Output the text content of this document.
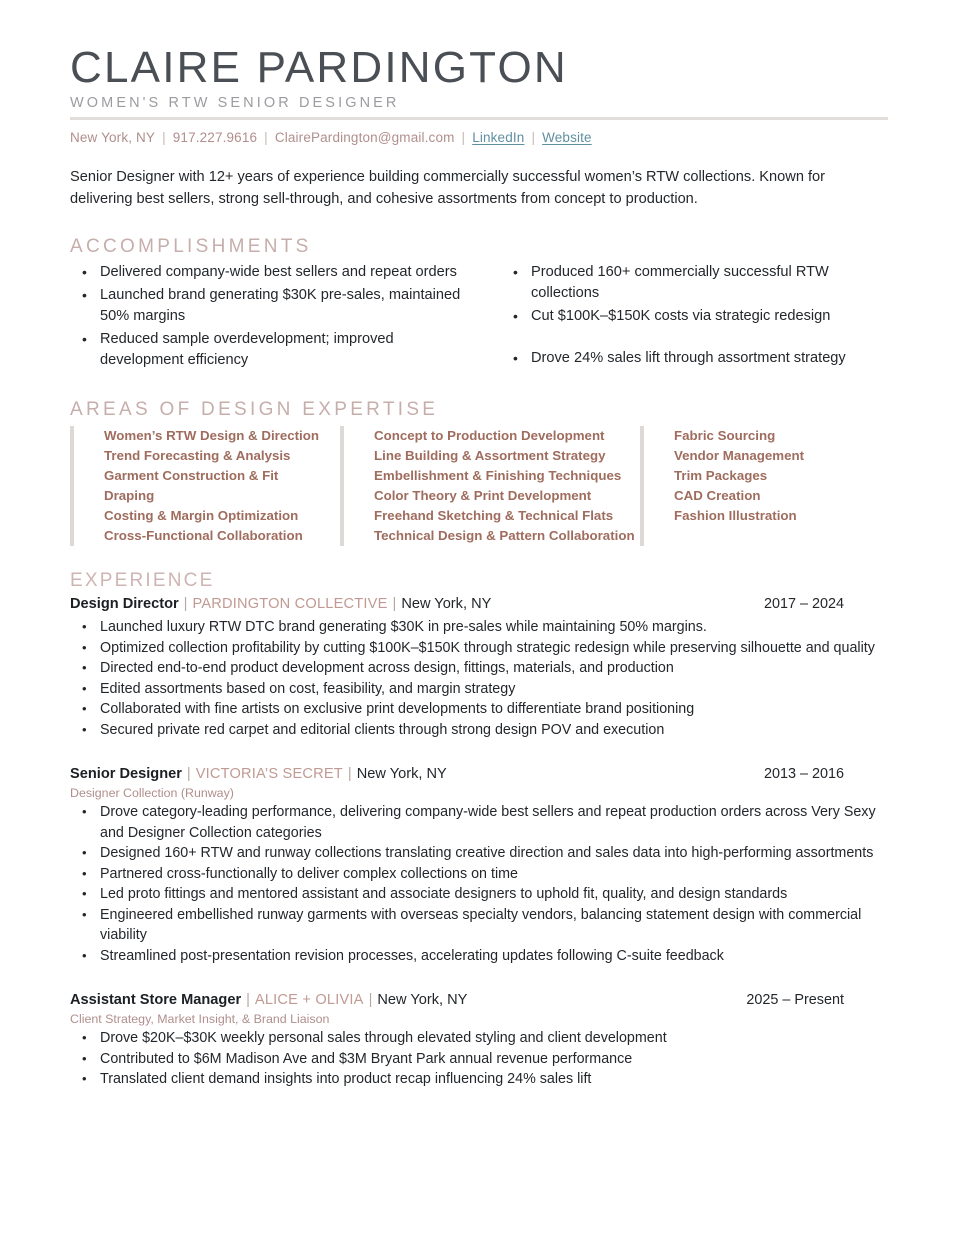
CLAIRE PARDINGTON
WOMEN'S RTW SENIOR DESIGNER
New York, NY | 917.227.9616 | ClairePardington@gmail.com | LinkedIn | Website
Senior Designer with 12+ years of experience building commercially successful women’s RTW collections. Known for delivering best sellers, strong sell-through, and cohesive assortments from concept to production.
ACCOMPLISHMENTS
• Delivered company-wide best sellers and repeat orders
• Launched brand generating $30K pre-sales, maintained 50% margins
• Reduced sample overdevelopment; improved development efficiency
• Produced 160+ commercially successful RTW collections
• Cut $100K–$150K costs via strategic redesign
• Drove 24% sales lift through assortment strategy
AREAS OF DESIGN EXPERTISE
Women’s RTW Design & Direction
Trend Forecasting & Analysis
Garment Construction & Fit
Draping
Costing & Margin Optimization
Cross-Functional Collaboration
Concept to Production Development
Line Building & Assortment Strategy
Embellishment & Finishing Techniques
Color Theory & Print Development
Freehand Sketching & Technical Flats
Technical Design & Pattern Collaboration
Fabric Sourcing
Vendor Management
Trim Packages
CAD Creation
Fashion Illustration
EXPERIENCE
Design Director | PARDINGTON COLLECTIVE | New York, NY	2017 – 2024
• Launched luxury RTW DTC brand generating $30K in pre-sales while maintaining 50% margins.
• Optimized collection profitability by cutting $100K–$150K through strategic redesign while preserving silhouette and quality
• Directed end-to-end product development across design, fittings, materials, and production
• Edited assortments based on cost, feasibility, and margin strategy
• Collaborated with fine artists on exclusive print developments to differentiate brand positioning
• Secured private red carpet and editorial clients through strong design POV and execution
Senior Designer | VICTORIA’S SECRET | New York, NY	2013 – 2016
Designer Collection (Runway)
• Drove category-leading performance, delivering company-wide best sellers and repeat production orders across Very Sexy and Designer Collection categories
• Designed 160+ RTW and runway collections translating creative direction and sales data into high-performing assortments
• Partnered cross-functionally to deliver complex collections on time
• Led proto fittings and mentored assistant and associate designers to uphold fit, quality, and design standards
• Engineered embellished runway garments with overseas specialty vendors, balancing statement design with commercial viability
• Streamlined post-presentation revision processes, accelerating updates following C-suite feedback
Assistant Store Manager | ALICE + OLIVIA | New York, NY	2025 – Present
Client Strategy, Market Insight, & Brand Liaison
• Drove $20K–$30K weekly personal sales through elevated styling and client development
• Contributed to $6M Madison Ave and $3M Bryant Park annual revenue performance
• Translated client demand insights into product recap influencing 24% sales lift
